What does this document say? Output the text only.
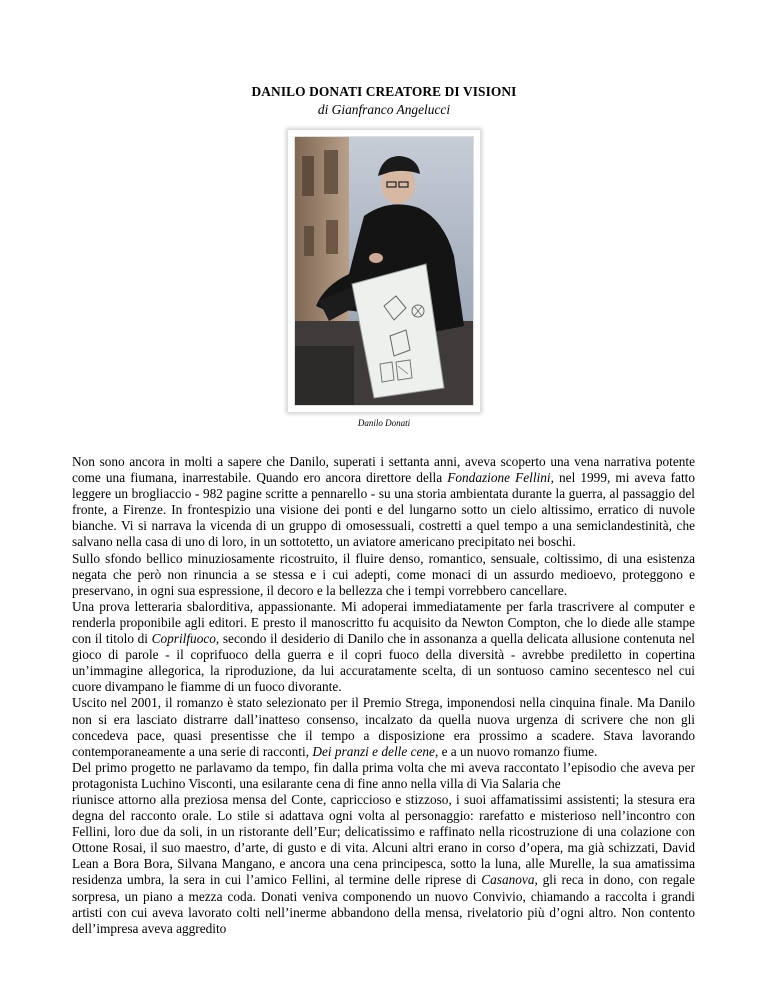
DANILO DONATI CREATORE DI VISIONI
di Gianfranco Angelucci
Danilo Donati

Non sono ancora in molti a sapere che Danilo, superati i settanta anni, aveva scoperto una vena narrativa potente come una fiumana, inarrestabile. Quando ero ancora direttore della Fondazione Fellini, nel 1999, mi aveva fatto leggere un brogliaccio - 982 pagine scritte a pennarello - su una storia ambientata durante la guerra, al passaggio del fronte, a Firenze. In frontespizio una visione dei ponti e del lungarno sotto un cielo altissimo, erratico di nuvole bianche. Vi si narrava la vicenda di un gruppo di omosessuali, costretti a quel tempo a una semiclandestinità, che salvano nella casa di uno di loro, in un sottotetto, un aviatore americano precipitato nei boschi.

Sullo sfondo bellico minuziosamente ricostruito, il fluire denso, romantico, sensuale, coltissimo, di una esistenza negata che però non rinuncia a se stessa e i cui adepti, come monaci di un assurdo medioevo, proteggono e preservano, in ogni sua espressione, il decoro e la bellezza che i tempi vorrebbero cancellare.

Una prova letteraria sbalorditiva, appassionante. Mi adoperai immediatamente per farla trascrivere al computer e renderla proponibile agli editori. E presto il manoscritto fu acquisito da Newton Compton, che lo diede alle stampe con il titolo di Coprilfuoco, secondo il desiderio di Danilo che in assonanza a quella delicata allusione contenuta nel gioco di parole - il coprifuoco della guerra e il copri fuoco della diversità - avrebbe prediletto in copertina un’immagine allegorica, la riproduzione, da lui accuratamente scelta, di un sontuoso camino secentesco nel cui cuore divampano le fiamme di un fuoco divorante.

Uscito nel 2001, il romanzo è stato selezionato per il Premio Strega, imponendosi nella cinquina finale. Ma Danilo non si era lasciato distrarre dall’inatteso consenso, incalzato da quella nuova urgenza di scrivere che non gli concedeva pace, quasi presentisse che il tempo a disposizione era prossimo a scadere. Stava lavorando contemporaneamente a una serie di racconti, Dei pranzi e delle cene, e a un nuovo romanzo fiume.

Del primo progetto ne parlavamo da tempo, fin dalla prima volta che mi aveva raccontato l’episodio che aveva per protagonista Luchino Visconti, una esilarante cena di fine anno nella villa di Via Salaria che

riunisce attorno alla preziosa mensa del Conte, capriccioso e stizzoso, i suoi affamatissimi assistenti; la stesura era degna del racconto orale. Lo stile si adattava ogni volta al personaggio: rarefatto e misterioso nell’incontro con Fellini, loro due da soli, in un ristorante dell’Eur; delicatissimo e raffinato nella ricostruzione di una colazione con Ottone Rosai, il suo maestro, d’arte, di gusto e di vita. Alcuni altri erano in corso d’opera, ma già schizzati, David Lean a Bora Bora, Silvana Mangano, e ancora una cena principesca, sotto la luna, alle Murelle, la sua amatissima residenza umbra, la sera in cui l’amico Fellini, al termine delle riprese di Casanova, gli reca in dono, con regale sorpresa, un piano a mezza coda. Donati veniva componendo un nuovo Convivio, chiamando a raccolta i grandi artisti con cui aveva lavorato colti nell’inerme abbandono della mensa, rivelatorio più d’ogni altro. Non contento dell’impresa aveva aggredito
